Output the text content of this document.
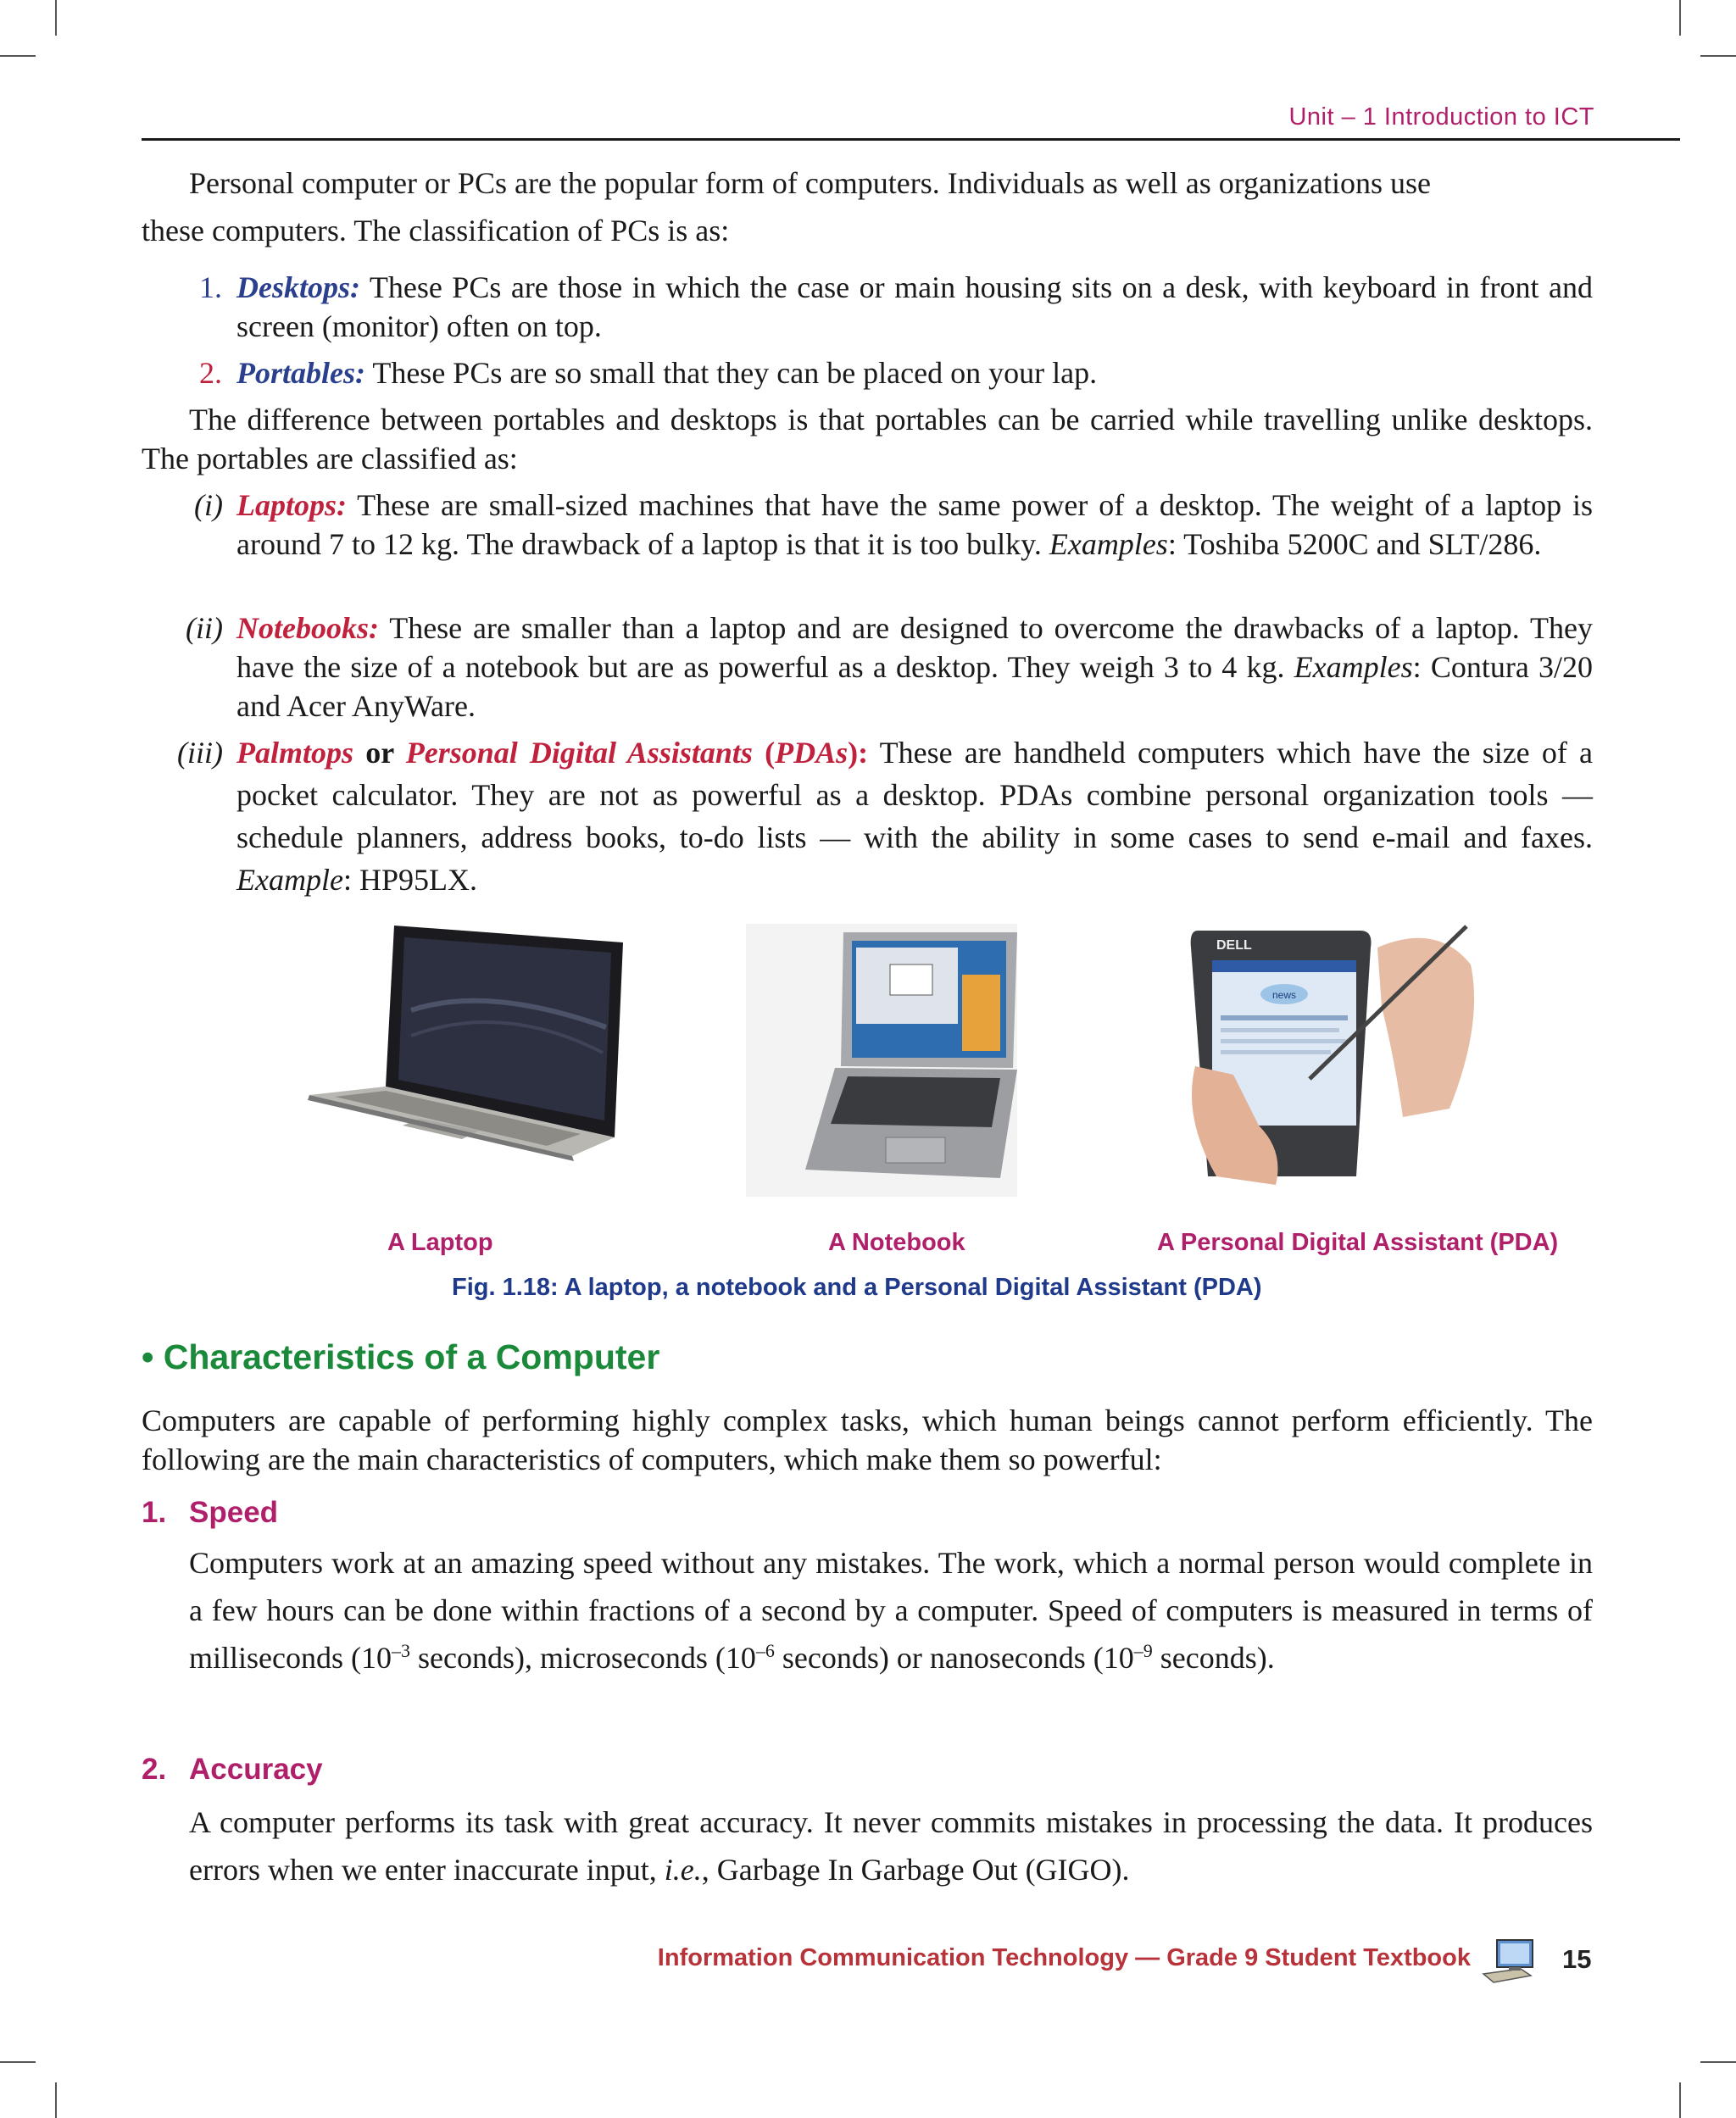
Unit – 1 Introduction to ICT
Personal computer or PCs are the popular form of computers. Individuals as well as organizations use
these computers. The classification of PCs is as:
1. Desktops: These PCs are those in which the case or main housing sits on a desk, with keyboard in front and screen (monitor) often on top.
2. Portables: These PCs are so small that they can be placed on your lap.
The difference between portables and desktops is that portables can be carried while travelling unlike desktops. The portables are classified as:
(i) Laptops: These are small-sized machines that have the same power of a desktop. The weight of a laptop is around 7 to 12 kg. The drawback of a laptop is that it is too bulky. Examples: Toshiba 5200C and SLT/286.
(ii) Notebooks: These are smaller than a laptop and are designed to overcome the drawbacks of a laptop. They have the size of a notebook but are as powerful as a desktop. They weigh 3 to 4 kg. Examples: Contura 3/20 and Acer AnyWare.
(iii) Palmtops or Personal Digital Assistants (PDAs): These are handheld computers which have the size of a pocket calculator. They are not as powerful as a desktop. PDAs combine personal organization tools — schedule planners, address books, to-do lists — with the ability in some cases to send e-mail and faxes. Example: HP95LX.
DELL
news
A Laptop	A Notebook	A Personal Digital Assistant (PDA)
Fig. 1.18: A laptop, a notebook and a Personal Digital Assistant (PDA)
• Characteristics of a Computer
Computers are capable of performing highly complex tasks, which human beings cannot perform efficiently. The following are the main characteristics of computers, which make them so powerful:
1. Speed
Computers work at an amazing speed without any mistakes. The work, which a normal person would complete in a few hours can be done within fractions of a second by a computer. Speed of computers is measured in terms of milliseconds ($10^{-3}$ seconds), microseconds ($10^{-6}$ seconds) or nanoseconds ($10^{-9}$ seconds).
2. Accuracy
A computer performs its task with great accuracy. It never commits mistakes in processing the data. It produces errors when we enter inaccurate input, i.e., Garbage In Garbage Out (GIGO).
Information Communication Technology — Grade 9 Student Textbook	15
